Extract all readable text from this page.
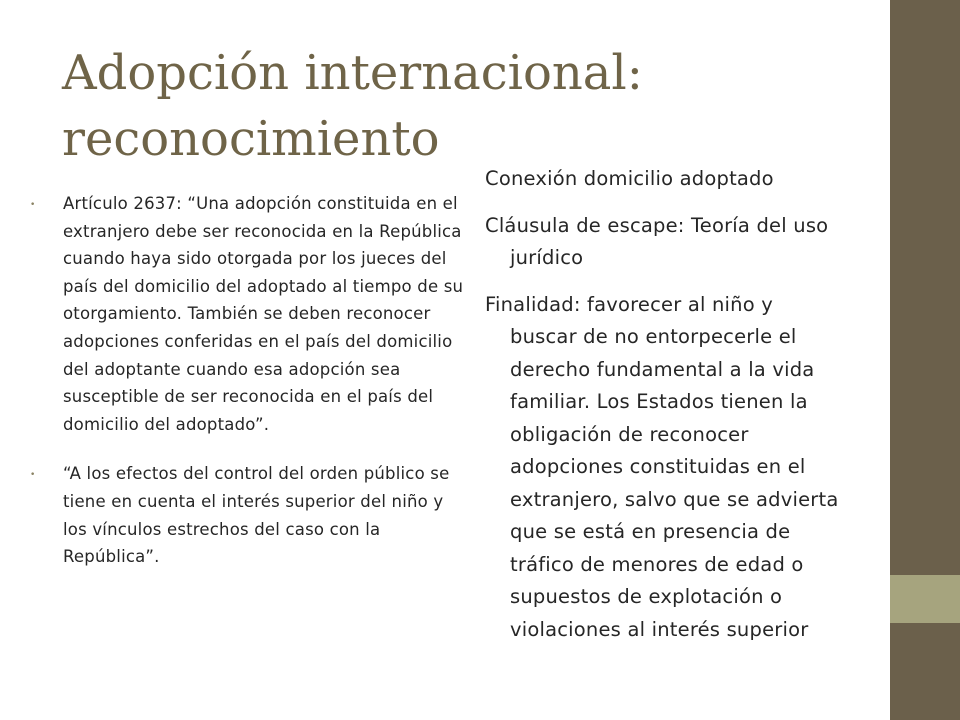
Adopción internacional:
reconocimiento
• Artículo 2637: “Una adopción constituida en el extranjero debe ser reconocida en la República cuando haya sido otorgada por los jueces del país del domicilio del adoptado al tiempo de su otorgamiento. También se deben reconocer adopciones conferidas en el país del domicilio del adoptante cuando esa adopción sea susceptible de ser reconocida en el país del domicilio del adoptado”.
• “A los efectos del control del orden público se tiene en cuenta el interés superior del niño y los vínculos estrechos del caso con la República”.
Conexión domicilio adoptado
Cláusula de escape: Teoría del uso jurídico
Finalidad: favorecer al niño y buscar de no entorpecerle el derecho fundamental a la vida familiar. Los Estados tienen la obligación de reconocer adopciones constituidas en el extranjero, salvo que se advierta que se está en presencia de tráfico de menores de edad o supuestos de explotación o violaciones al interés superior
